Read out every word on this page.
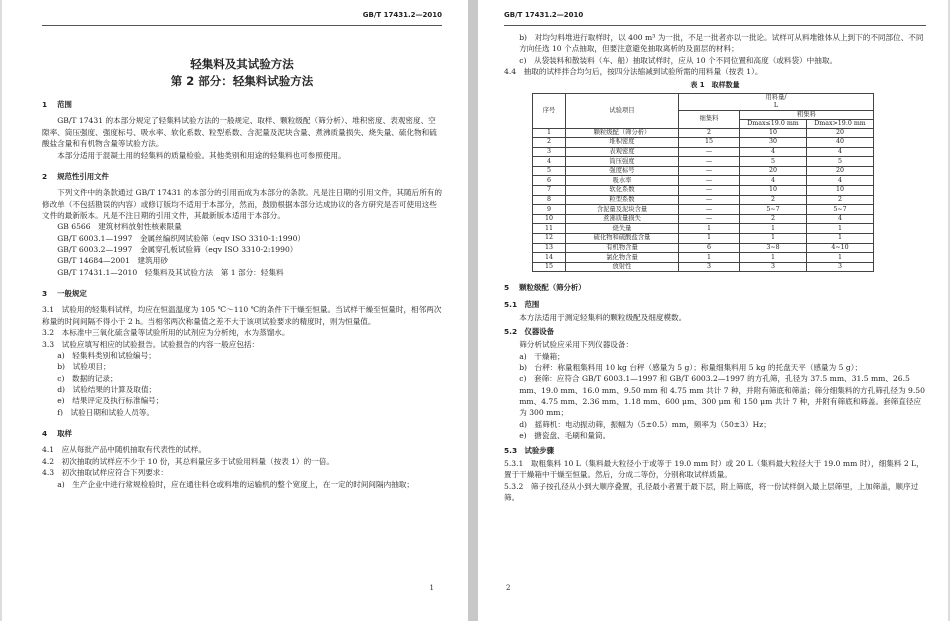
GB/T 17431.2—2010
轻集料及其试验方法
第 2 部分：轻集料试验方法
1 范围

GB/T 17431 的本部分规定了轻集料试验方法的一般规定、取样、颗粒级配（筛分析）、堆积密度、表观密度、空隙率、筒压强度、强度标号、吸水率、软化系数、粒型系数、含泥量及泥块含量、煮沸质量损失、烧失量、硫化物和硫酸盐含量和有机物含量等试验方法。

本部分适用于混凝土用的轻集料的质量检验。其他类别和用途的轻集料也可参照使用。

2 规范性引用文件

下列文件中的条款通过 GB/T 17431 的本部分的引用而成为本部分的条款。凡是注日期的引用文件，其随后所有的修改单（不包括勘误的内容）或修订版均不适用于本部分，然而，鼓励根据本部分达成协议的各方研究是否可使用这些文件的最新版本。凡是不注日期的引用文件，其最新版本适用于本部分。

GB 6566　建筑材料放射性核素限量
GB/T 6003.1—1997　金属丝编织网试验筛（eqv ISO 3310-1:1990）
GB/T 6003.2—1997　金属穿孔板试验筛（eqv ISO 3310-2:1990）
GB/T 14684—2001　建筑用砂
GB/T 17431.1—2010　轻集料及其试验方法　第 1 部分：轻集料
3 一般规定

3.1　试验用的轻集料试样，均应在恒温温度为 105 ℃～110 ℃的条件下干燥至恒量。当试样干燥至恒量时，相邻两次称量的时间间隔不得小于 2 h。当相邻两次称量值之差不大于该项试验要求的精度时，则为恒量值。

3.2　本标准中三氧化硫含量等试验所用的试剂应为分析纯，水为蒸馏水。

3.3　试验应填写相应的试验报告。试验报告的内容一般应包括：

a)　轻集料类别和试验编号；
b)　试验项目；
c)　数据的记录；
d)　试验结果的计算及取值；
e)　结果评定及执行标准编号；
f)　试验日期和试验人员等。
4 取样

4.1　应从每批产品中随机抽取有代表性的试样。

4.2　初次抽取的试样应不少于 10 份，其总料量应多于试验用料量（按表 1）的一倍。

4.3　初次抽取试样应符合下列要求：

a)　生产企业中进行常规检验时，应在通往料仓或料堆的运输机的整个宽度上，在一定的时间间隔内抽取；
1
GB/T 17431.2—2010
b)　对均匀料堆进行取样时，以 400 m³ 为一批，不足一批者亦以一批论。试样可从料堆锥体从上到下的不同部位、不同方向任选 10 个点抽取，但要注意避免抽取离析的及面层的材料；
c)　从袋装料和散装料（车、船）抽取试样时，应从 10 个不同位置和高度（或料袋）中抽取。

4.4　抽取的试样拌合均匀后，按四分法缩减到试验所需的用料量（按表 1）。

表 1　取样数量
序号	试验项目	用料量/
L		
		细集料	粗集料	
			Dmax≤19.0 mm	Dmax>19.0 mm
1	颗粒级配（筛分析）	2	10	20
2	堆积密度	15	30	40
3	表观密度	—	4	4
4	筒压强度	—	5	5
5	强度标号	—	20	20
6	吸水率	—	4	4
7	软化系数	—	10	10
8	粒型系数	—	2	2
9	含泥量及泥块含量	—	5~7	5~7
10	煮沸质量损失	—	2	4
11	烧失量	1	1	1
12	硫化物和硫酸盐含量	1	1	1
13	有机物含量	6	3~8	4~10
14	氯化物含量	1	1	1
15	放射性	3	3	3
5 颗粒级配（筛分析）
5.1　范围

本方法适用于测定轻集料的颗粒级配及细度模数。

5.2　仪器设备

筛分析试验应采用下列仪器设备：

a)　干燥箱；
b)　台秤：称量粗集料用 10 kg 台秤（感量为 5 g）；称量细集料用 5 kg 的托盘天平（感量为 5 g）；
c)　套筛：应符合 GB/T 6003.1—1997 和 GB/T 6003.2—1997 的方孔筛，孔径为 37.5 mm、31.5 mm、26.5 mm、19.0 mm、16.0 mm、9.50 mm 和 4.75 mm 共计 7 种，并附有筛底和筛盖；筛分细集料的方孔筛孔径为 9.50 mm、4.75 mm、2.36 mm、1.18 mm、600 μm、300 μm 和 150 μm 共计 7 种，并附有筛底和筛盖。套筛直径应为 300 mm；
d)　摇筛机：电动振动筛，振幅为（5±0.5）mm，频率为（50±3）Hz；
e)　搪瓷盘、毛刷和量筒。
5.3　试验步骤

5.3.1　取粗集料 10 L（集料最大粒径小于或等于 19.0 mm 时）或 20 L（集料最大粒径大于 19.0 mm 时），细集料 2 L，置于干燥箱中干燥至恒量。然后，分成二等份，分别称取试样质量。

5.3.2　筛子按孔径从小到大顺序叠置，孔径最小者置于最下层，附上筛底，将一份试样倒入最上层筛里，上加筛盖，顺序过筛。

2
